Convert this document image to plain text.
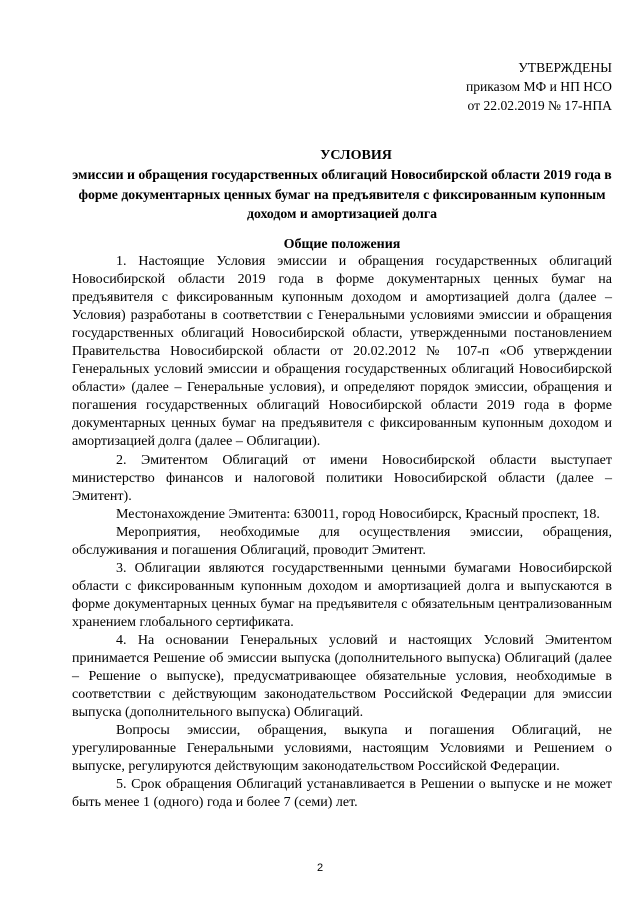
УТВЕРЖДЕНЫ
приказом МФ и НП НСО
от 22.02.2019 № 17-НПА
УСЛОВИЯ
эмиссии и обращения государственных облигаций Новосибирской области 2019 года в форме документарных ценных бумаг на предъявителя с фиксированным купонным доходом и амортизацией долга
Общие положения

1. Настоящие Условия эмиссии и обращения государственных облигаций Новосибирской области 2019 года в форме документарных ценных бумаг на предъявителя с фиксированным купонным доходом и амортизацией долга (далее – Условия) разработаны в соответствии с Генеральными условиями эмиссии и обращения государственных облигаций Новосибирской области, утвержденными постановлением Правительства Новосибирской области от 20.02.2012 № 107-п «Об утверждении Генеральных условий эмиссии и обращения государственных облигаций Новосибирской области» (далее – Генеральные условия), и определяют порядок эмиссии, обращения и погашения государственных облигаций Новосибирской области 2019 года в форме документарных ценных бумаг на предъявителя с фиксированным купонным доходом и амортизацией долга (далее – Облигации).

2. Эмитентом Облигаций от имени Новосибирской области выступает министерство финансов и налоговой политики Новосибирской области (далее – Эмитент).

Местонахождение Эмитента: 630011, город Новосибирск, Красный проспект, 18.

Мероприятия, необходимые для осуществления эмиссии, обращения, обслуживания и погашения Облигаций, проводит Эмитент.

3. Облигации являются государственными ценными бумагами Новосибирской области с фиксированным купонным доходом и амортизацией долга и выпускаются в форме документарных ценных бумаг на предъявителя с обязательным централизованным хранением глобального сертификата.

4. На основании Генеральных условий и настоящих Условий Эмитентом принимается Решение об эмиссии выпуска (дополнительного выпуска) Облигаций (далее – Решение о выпуске), предусматривающее обязательные условия, необходимые в соответствии с действующим законодательством Российской Федерации для эмиссии выпуска (дополнительного выпуска) Облигаций.

Вопросы эмиссии, обращения, выкупа и погашения Облигаций, не урегулированные Генеральными условиями, настоящим Условиями и Решением о выпуске, регулируются действующим законодательством Российской Федерации.

5. Срок обращения Облигаций устанавливается в Решении о выпуске и не может быть менее 1 (одного) года и более 7 (семи) лет.

2
